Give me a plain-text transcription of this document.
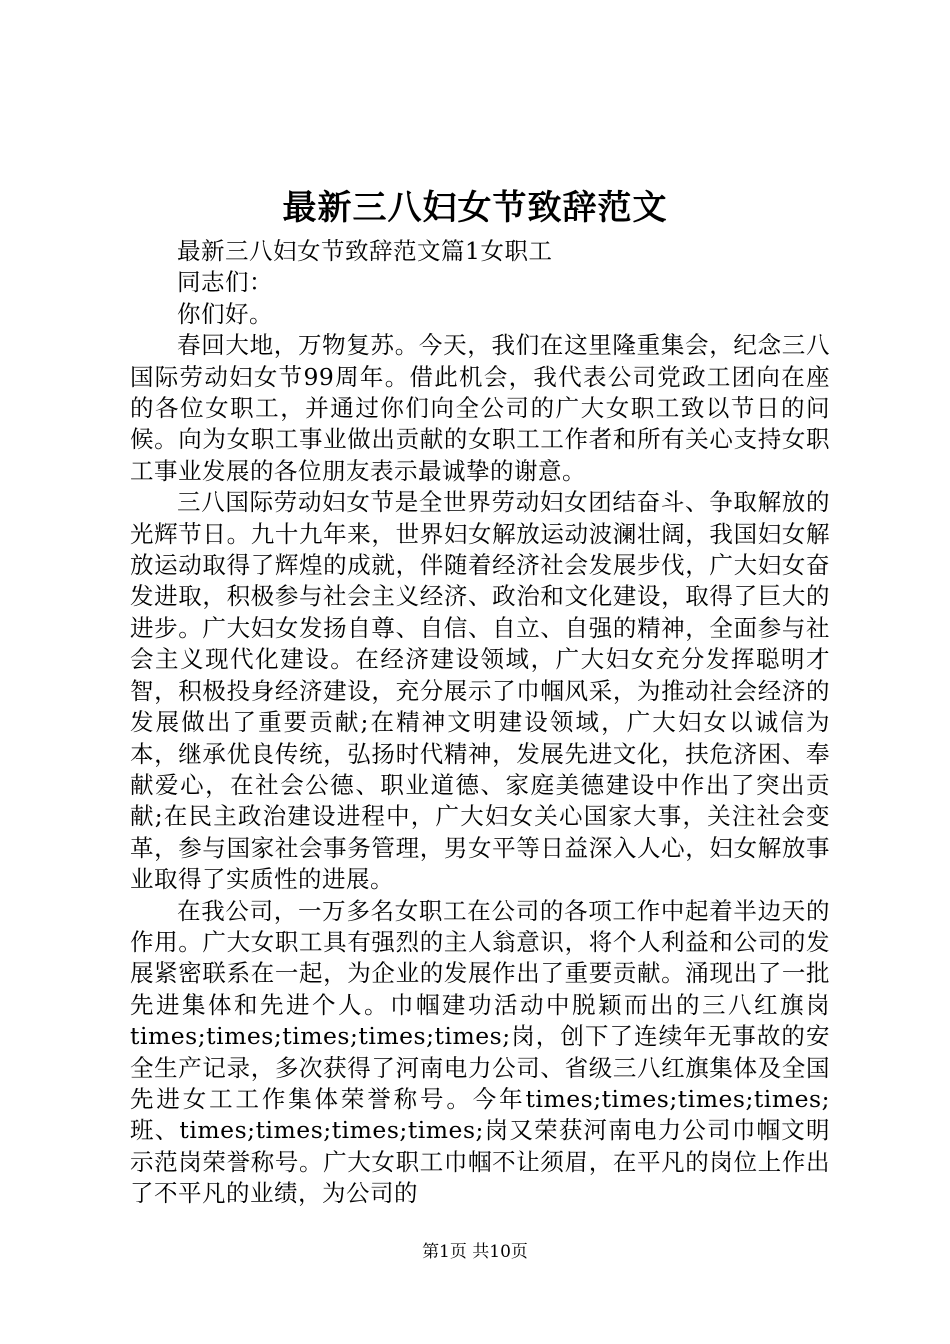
最新三八妇女节致辞范文

最新三八妇女节致辞范文篇1女职工

同志们：

你们好。

春回大地，万物复苏。今天，我们在这里隆重集会，纪念三八国际劳动妇女节99周年。借此机会，我代表公司党政工团向在座的各位女职工，并通过你们向全公司的广大女职工致以节日的问候。向为女职工事业做出贡献的女职工工作者和所有关心支持女职工事业发展的各位朋友表示最诚挚的谢意。

三八国际劳动妇女节是全世界劳动妇女团结奋斗、争取解放的光辉节日。九十九年来，世界妇女解放运动波澜壮阔，我国妇女解放运动取得了辉煌的成就，伴随着经济社会发展步伐，广大妇女奋发进取，积极参与社会主义经济、政治和文化建设，取得了巨大的进步。广大妇女发扬自尊、自信、自立、自强的精神，全面参与社会主义现代化建设。在经济建设领域，广大妇女充分发挥聪明才智，积极投身经济建设，充分展示了巾帼风采，为推动社会经济的发展做出了重要贡献;在精神文明建设领域，广大妇女以诚信为本，继承优良传统，弘扬时代精神，发展先进文化，扶危济困、奉献爱心，在社会公德、职业道德、家庭美德建设中作出了突出贡献;在民主政治建设进程中，广大妇女关心国家大事，关注社会变革，参与国家社会事务管理，男女平等日益深入人心，妇女解放事业取得了实质性的进展。

在我公司，一万多名女职工在公司的各项工作中起着半边天的作用。广大女职工具有强烈的主人翁意识，将个人利益和公司的发展紧密联系在一起，为企业的发展作出了重要贡献。涌现出了一批先进集体和先进个人。巾帼建功活动中脱颖而出的三八红旗岗times;times;times;times;times;岗，创下了连续年无事故的安全生产记录，多次获得了河南电力公司、省级三八红旗集体及全国先进女工工作集体荣誉称号。今年times;times;times;times;班、times;times;times;times;岗又荣获河南电力公司巾帼文明示范岗荣誉称号。广大女职工巾帼不让须眉，在平凡的岗位上作出了不平凡的业绩，为公司的

第1页 共10页
